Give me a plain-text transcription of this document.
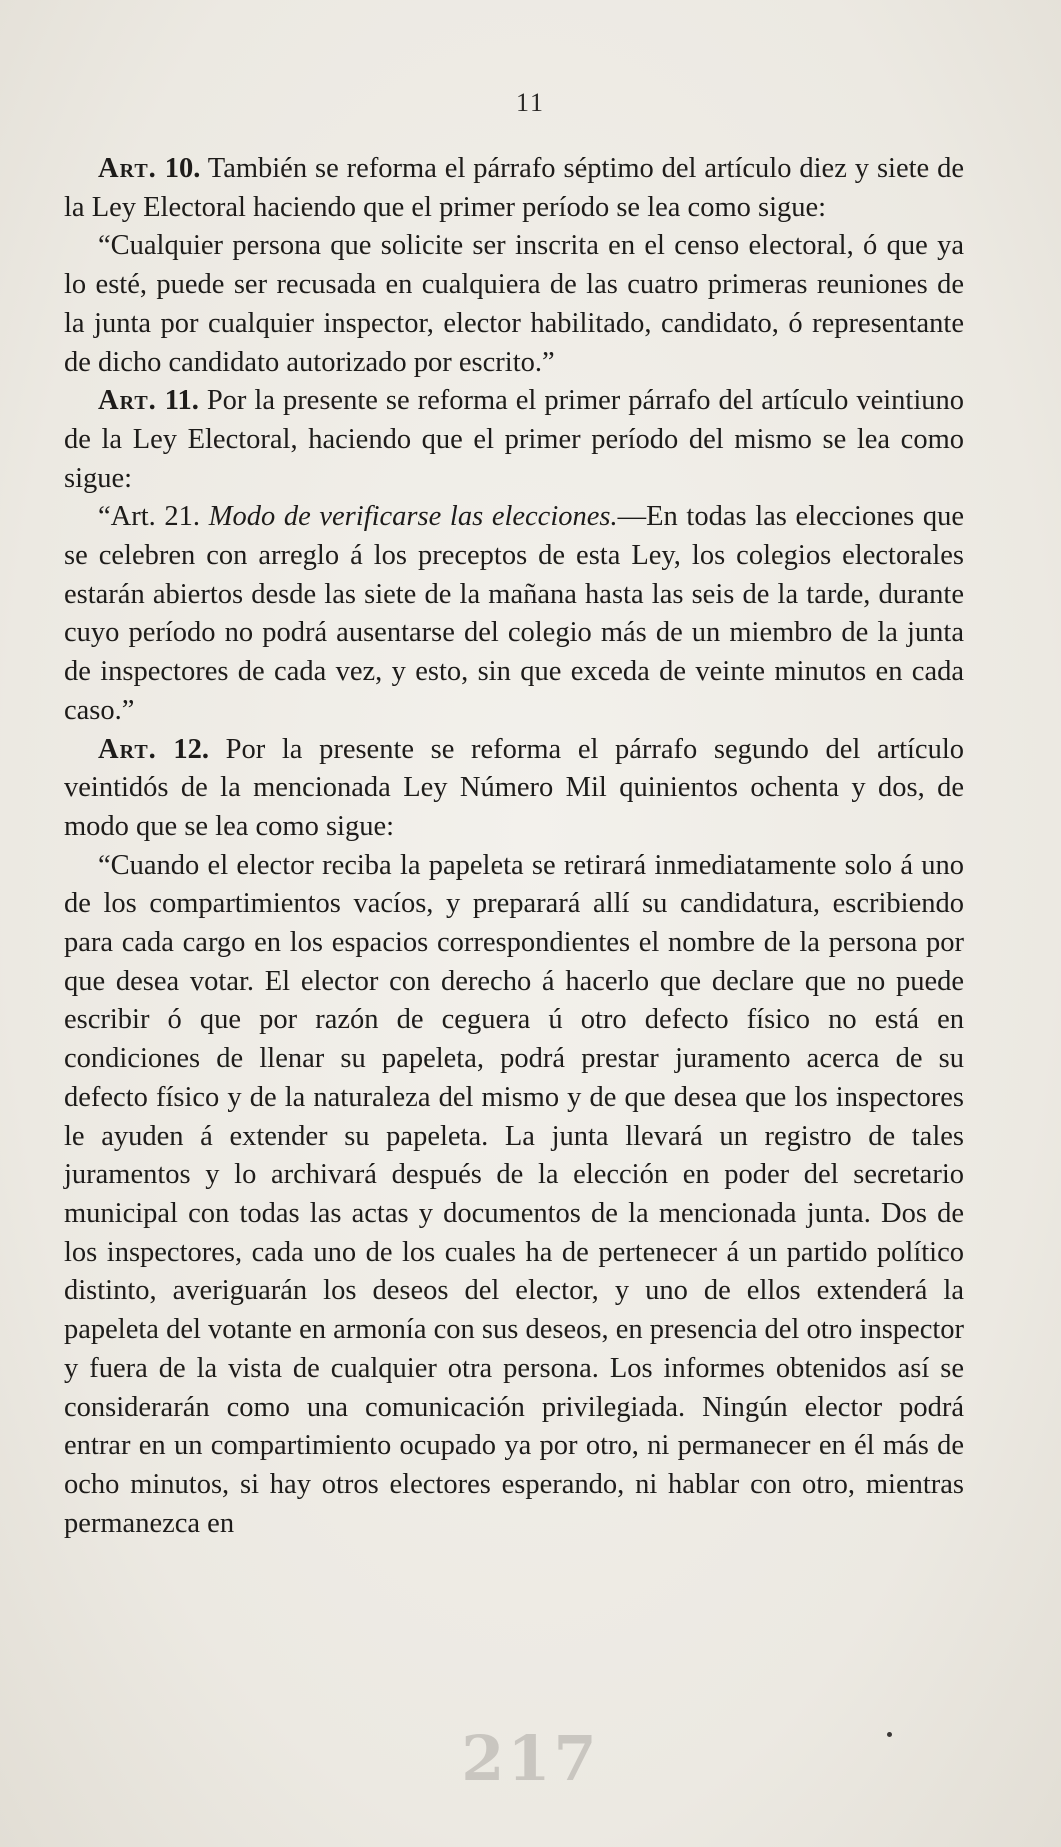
11

Art. 10. También se reforma el párrafo séptimo del artículo diez y siete de la Ley Electoral haciendo que el primer período se lea como sigue:

“Cualquier persona que solicite ser inscrita en el censo electoral, ó que ya lo esté, puede ser recusada en cualquiera de las cuatro primeras reuniones de la junta por cualquier inspector, elector habilitado, candidato, ó representante de dicho candidato autorizado por escrito.”

Art. 11. Por la presente se reforma el primer párrafo del artículo veintiuno de la Ley Electoral, haciendo que el primer período del mismo se lea como sigue:

“Art. 21. Modo de verificarse las elecciones.—En todas las elecciones que se celebren con arreglo á los preceptos de esta Ley, los colegios electorales estarán abiertos desde las siete de la mañana hasta las seis de la tarde, durante cuyo período no podrá ausentarse del colegio más de un miembro de la junta de inspectores de cada vez, y esto, sin que exceda de veinte minutos en cada caso.”

Art. 12. Por la presente se reforma el párrafo segundo del artículo veintidós de la mencionada Ley Número Mil quinientos ochenta y dos, de modo que se lea como sigue:

“Cuando el elector reciba la papeleta se retirará inmediatamente solo á uno de los compartimientos vacíos, y preparará allí su candidatura, escribiendo para cada cargo en los espacios correspondientes el nombre de la persona por que desea votar. El elector con derecho á hacerlo que declare que no puede escribir ó que por razón de ceguera ú otro defecto físico no está en condiciones de llenar su papeleta, podrá prestar juramento acerca de su defecto físico y de la naturaleza del mismo y de que desea que los inspectores le ayuden á extender su papeleta. La junta llevará un registro de tales juramentos y lo archivará después de la elección en poder del secretario municipal con todas las actas y documentos de la mencionada junta. Dos de los inspectores, cada uno de los cuales ha de pertenecer á un partido político distinto, averiguarán los deseos del elector, y uno de ellos extenderá la papeleta del votante en armonía con sus deseos, en presencia del otro inspector y fuera de la vista de cualquier otra persona. Los informes obtenidos así se considerarán como una comunicación privilegiada. Ningún elector podrá entrar en un compartimiento ocupado ya por otro, ni permanecer en él más de ocho minutos, si hay otros electores esperando, ni hablar con otro, mientras permanezca en

217
